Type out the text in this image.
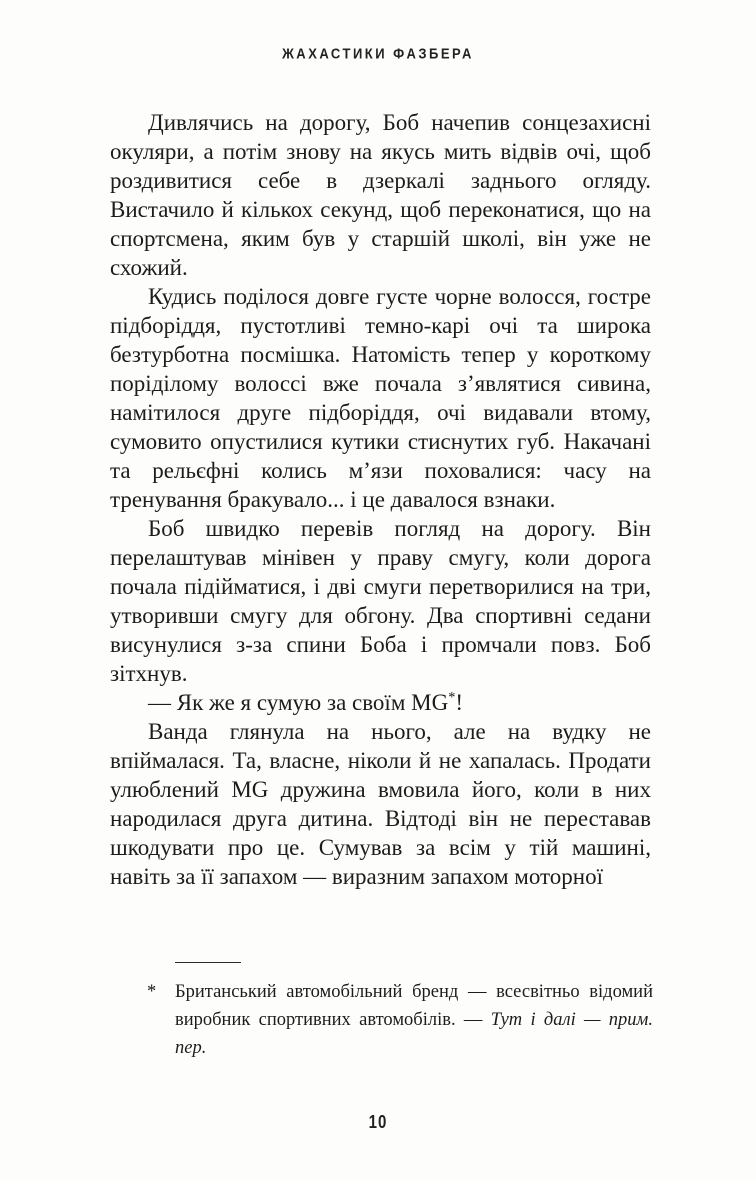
ЖАХАСТИКИ ФАЗБЕРА

Дивлячись на дорогу, Боб начепив сонцезахисні окуляри, а потім знову на якусь мить відвів очі, щоб роздивитися себе в дзеркалі заднього огляду. Вистачило й кількох секунд, щоб переконатися, що на спортсмена, яким був у старшій школі, він уже не схожий.

Кудись поділося довге густе чорне волосся, гостре підборіддя, пустотливі темно-карі очі та широка безтурботна посмішка. Натомість тепер у короткому поріділому волоссі вже почала з’являтися сивина, намітилося друге підборіддя, очі видавали втому, сумовито опустилися кутики стиснутих губ. Накачані та рельєфні колись м’язи поховалися: часу на тренування бракувало... і це давалося взнаки.

Боб швидко перевів погляд на дорогу. Він перелаштував мінівен у праву смугу, коли дорога почала підійматися, і дві смуги перетворилися на три, утворивши смугу для обгону. Два спортивні седани висунулися з-за спини Боба і промчали повз. Боб зітхнув.

— Як же я сумую за своїм MG*!

Ванда глянула на нього, але на вудку не впіймалася. Та, власне, ніколи й не хапалась. Продати улюблений MG дружина вмовила його, коли в них народилася друга дитина. Відтоді він не переставав шкодувати про це. Сумував за всім у тій машині, навіть за її запахом — виразним запахом моторної

*	Британський автомобільний бренд — всесвітньо відомий виробник спортивних автомобілів. — Тут і далі — прим. пер.
10
